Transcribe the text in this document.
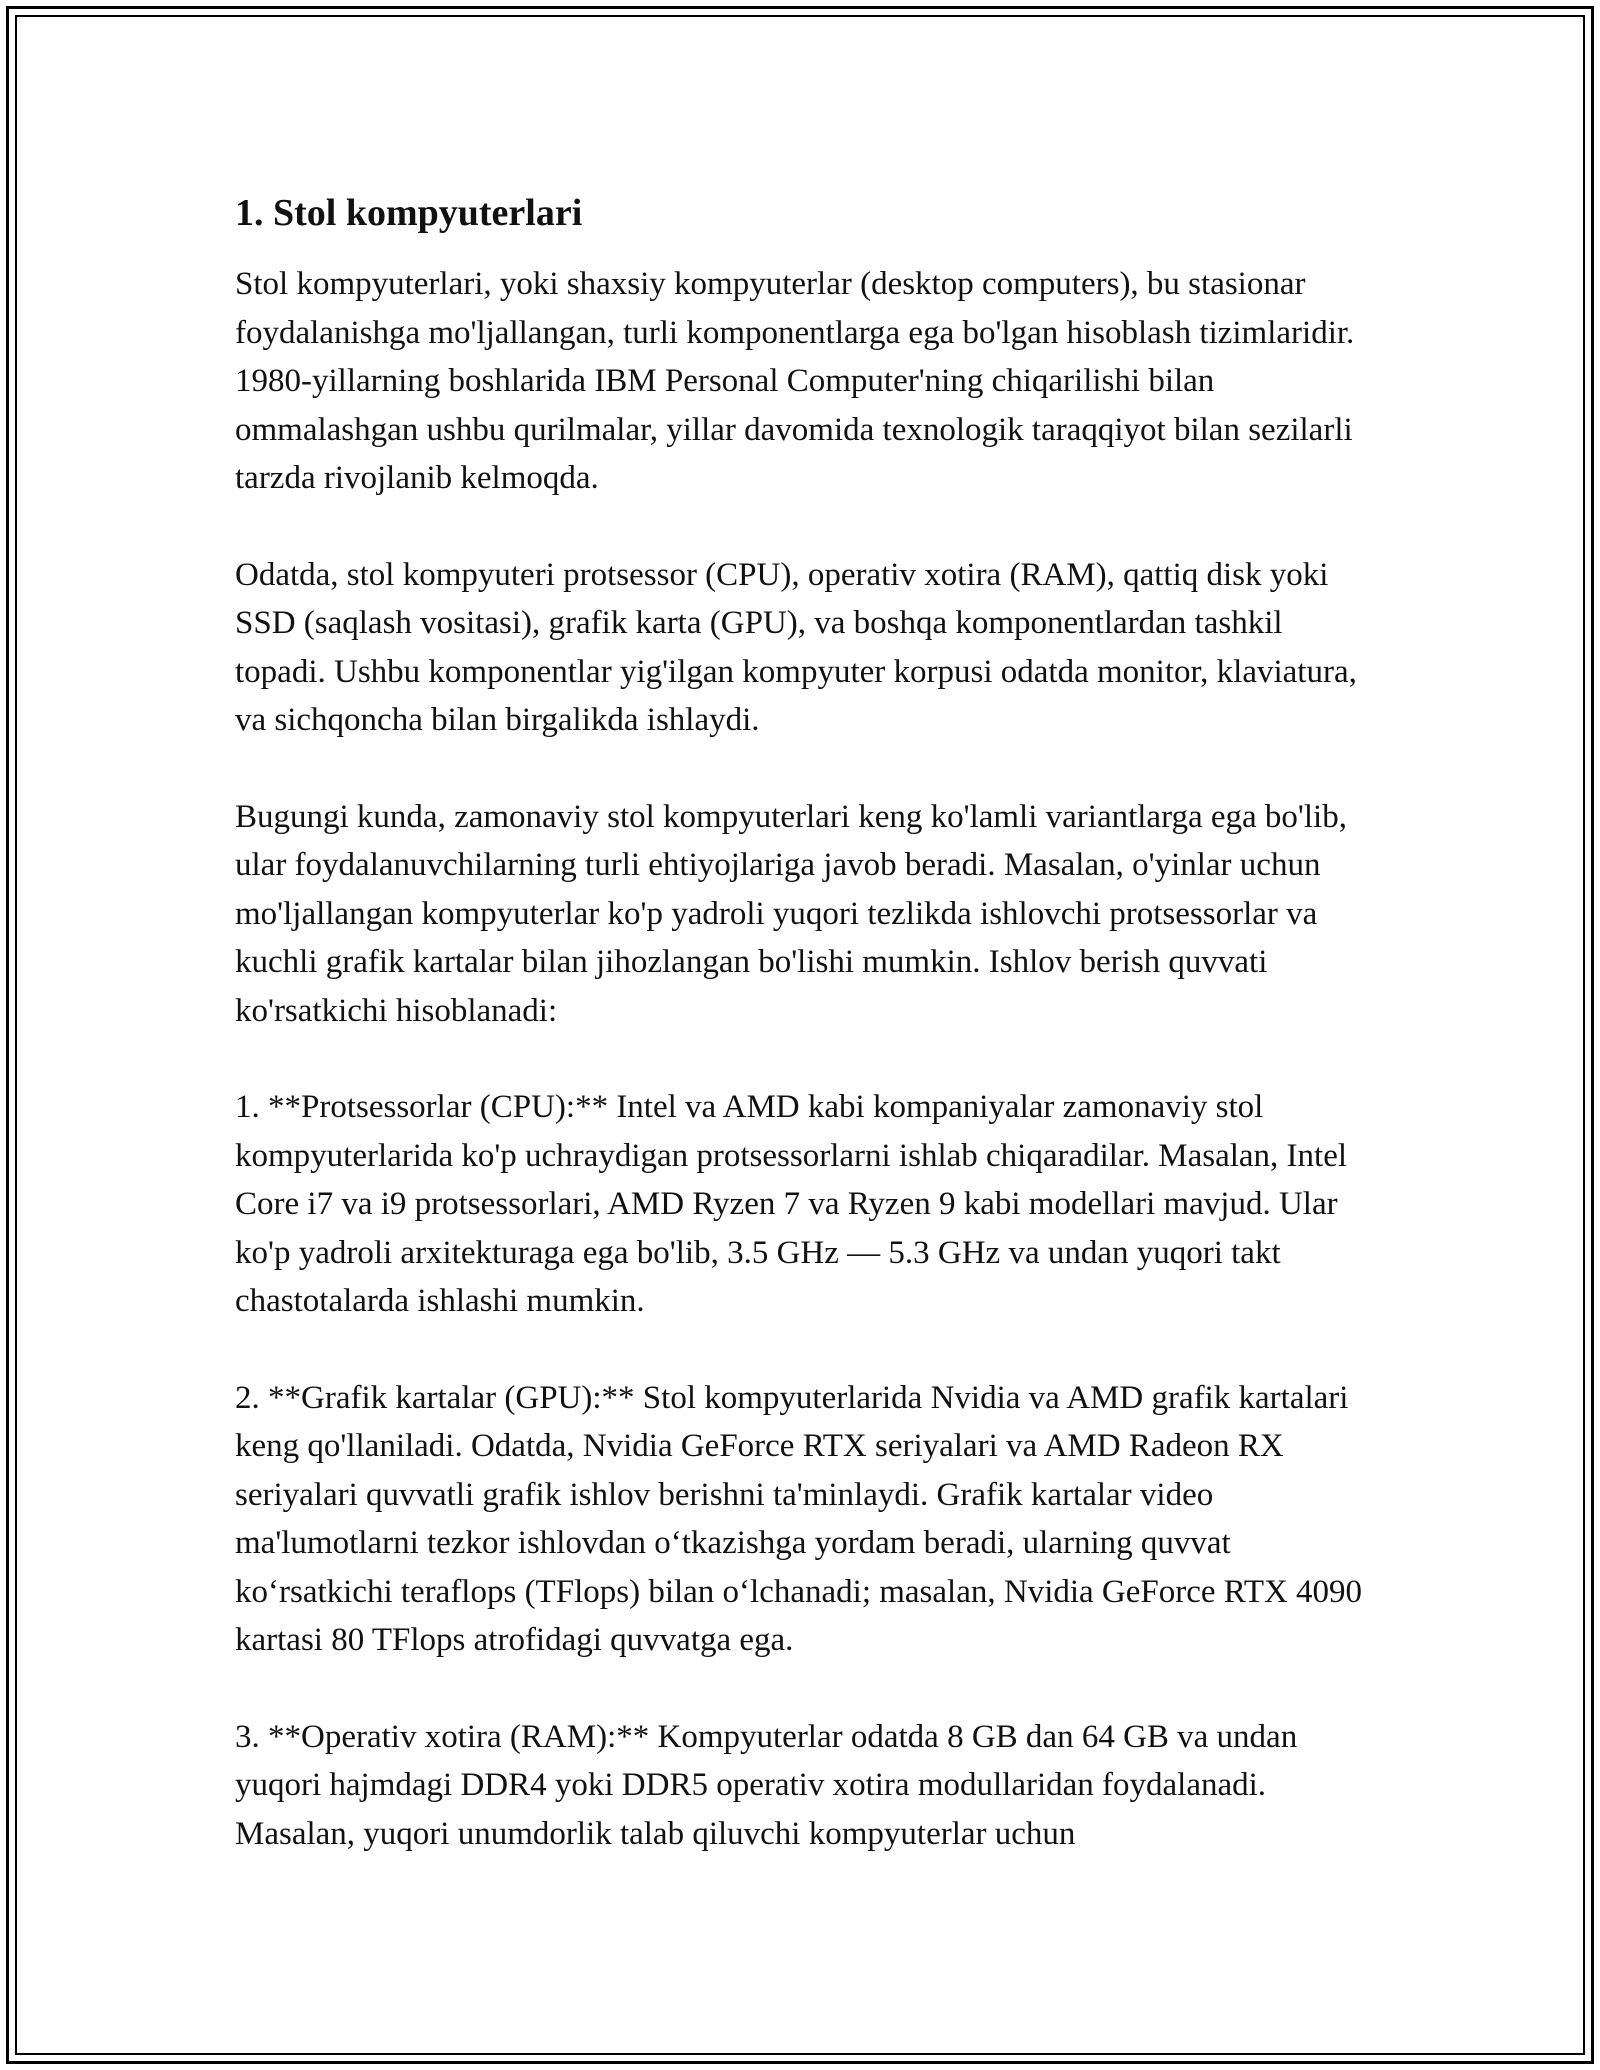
1. Stol kompyuterlari

Stol kompyuterlari, yoki shaxsiy kompyuterlar (desktop computers), bu stasionar foydalanishga mo'ljallangan, turli komponentlarga ega bo'lgan hisoblash tizimlaridir. 1980-yillarning boshlarida IBM Personal Computer'ning chiqarilishi bilan ommalashgan ushbu qurilmalar, yillar davomida texnologik taraqqiyot bilan sezilarli tarzda rivojlanib kelmoqda.

Odatda, stol kompyuteri protsessor (CPU), operativ xotira (RAM), qattiq disk yoki SSD (saqlash vositasi), grafik karta (GPU), va boshqa komponentlardan tashkil topadi. Ushbu komponentlar yig'ilgan kompyuter korpusi odatda monitor, klaviatura, va sichqoncha bilan birgalikda ishlaydi.

Bugungi kunda, zamonaviy stol kompyuterlari keng ko'lamli variantlarga ega bo'lib, ular foydalanuvchilarning turli ehtiyojlariga javob beradi. Masalan, o'yinlar uchun mo'ljallangan kompyuterlar ko'p yadroli yuqori tezlikda ishlovchi protsessorlar va kuchli grafik kartalar bilan jihozlangan bo'lishi mumkin. Ishlov berish quvvati ko'rsatkichi hisoblanadi:

1. **Protsessorlar (CPU):** Intel va AMD kabi kompaniyalar zamonaviy stol kompyuterlarida ko'p uchraydigan protsessorlarni ishlab chiqaradilar. Masalan, Intel Core i7 va i9 protsessorlari, AMD Ryzen 7 va Ryzen 9 kabi modellari mavjud. Ular ko'p yadroli arxitekturaga ega bo'lib, 3.5 GHz — 5.3 GHz va undan yuqori takt chastotalarda ishlashi mumkin.

2. **Grafik kartalar (GPU):** Stol kompyuterlarida Nvidia va AMD grafik kartalari keng qo'llaniladi. Odatda, Nvidia GeForce RTX seriyalari va AMD Radeon RX seriyalari quvvatli grafik ishlov berishni ta'minlaydi. Grafik kartalar video ma'lumotlarni tezkor ishlovdan o‘tkazishga yordam beradi, ularning quvvat ko‘rsatkichi teraflops (TFlops) bilan o‘lchanadi; masalan, Nvidia GeForce RTX 4090 kartasi 80 TFlops atrofidagi quvvatga ega.

3. **Operativ xotira (RAM):** Kompyuterlar odatda 8 GB dan 64 GB va undan yuqori hajmdagi DDR4 yoki DDR5 operativ xotira modullaridan foydalanadi. Masalan, yuqori unumdorlik talab qiluvchi kompyuterlar uchun
